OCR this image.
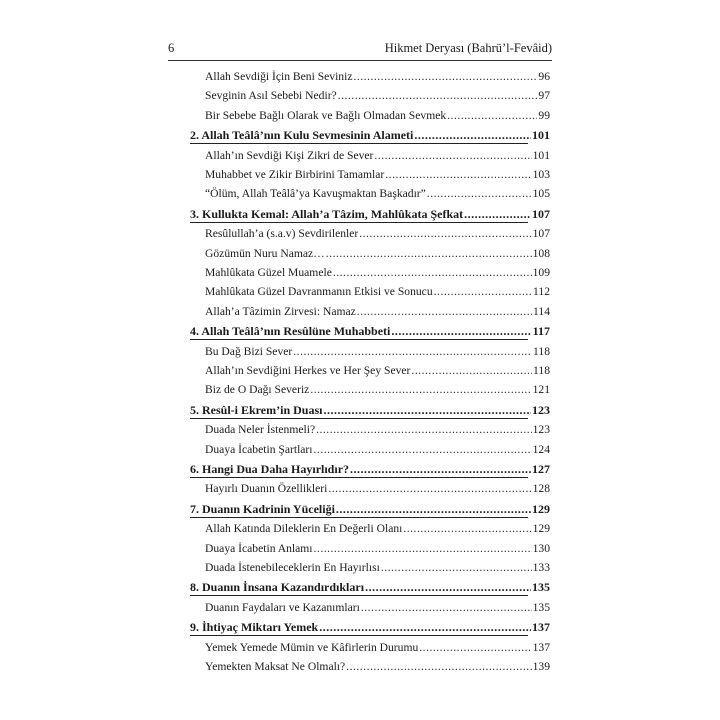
6	Hikmet Deryası (Bahrü’l-Fevâid)
Allah Sevdiği İçin Beni Seviniz .....	96
Sevginin Asıl Sebebi Nedir? .....	97
Bir Sebebe Bağlı Olarak ve Bağlı Olmadan Sevmek .....	99
2. Allah Teâlâ’nın Kulu Sevmesinin Alameti .....	101
Allah’ın Sevdiği Kişi Zikri de Sever .....	101
Muhabbet ve Zikir Birbirini Tamamlar .....	103
“Ölüm, Allah Teâlâ’ya Kavuşmaktan Başkadır” .....	105
3. Kullukta Kemal: Allah’a Tâzim, Mahlûkata Şefkat .....	107
Resûlullah’a (s.a.v) Sevdirilenler .....	107
Gözümün Nuru Namaz… .....	108
Mahlûkata Güzel Muamele .....	109
Mahlûkata Güzel Davranmanın Etkisi ve Sonucu .....	112
Allah’a Tâzimin Zirvesi: Namaz .....	114
4. Allah Teâlâ’nın Resûlüne Muhabbeti .....	117
Bu Dağ Bizi Sever .....	118
Allah’ın Sevdiğini Herkes ve Her Şey Sever .....	118
Biz de O Dağı Severiz .....	121
5. Resûl-i Ekrem’in Duası .....	123
Duada Neler İstenmeli? .....	123
Duaya İcabetin Şartları .....	124
6. Hangi Dua Daha Hayırlıdır? .....	127
Hayırlı Duanın Özellikleri .....	128
7. Duanın Kadrinin Yüceliği .....	129
Allah Katında Dileklerin En Değerli Olanı .....	129
Duaya İcabetin Anlamı .....	130
Duada İstenebileceklerin En Hayırlısı .....	133
8. Duanın İnsana Kazandırdıkları .....	135
Duanın Faydaları ve Kazanımları .....	135
9. İhtiyaç Miktarı Yemek .....	137
Yemek Yemede Mümin ve Kâfirlerin Durumu .....	137
Yemekten Maksat Ne Olmalı? .....	139
